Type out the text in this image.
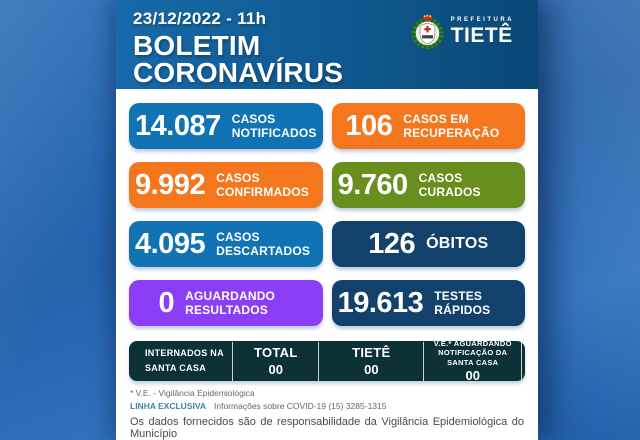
23/12/2022 - 11h
BOLETIM
CORONAVÍRUS
PREFEITURA
TIETÊ
14.087 CASOS NOTIFICADOS 106 CASOS EM RECUPERAÇÃO
9.992 CASOS CONFIRMADOS 9.760 CASOS CURADOS
4.095 CASOS DESCARTADOS 126 ÓBITOS
0 AGUARDANDO RESULTADOS	19.613 TESTES RÁPIDOS
INTERNADOS NA SANTA CASA
TOTAL
00
TIETÊ
00
V.E.* AGUARDANDO NOTIFICAÇÃO DA SANTA CASA
00
* V.E. - Vigilância Epidemiológica
LINHA EXCLUSIVA Informações sobre COVID-19 (15) 3285-1315
Os dados fornecidos são de responsabilidade da Vigilância Epidemiológica do Município
